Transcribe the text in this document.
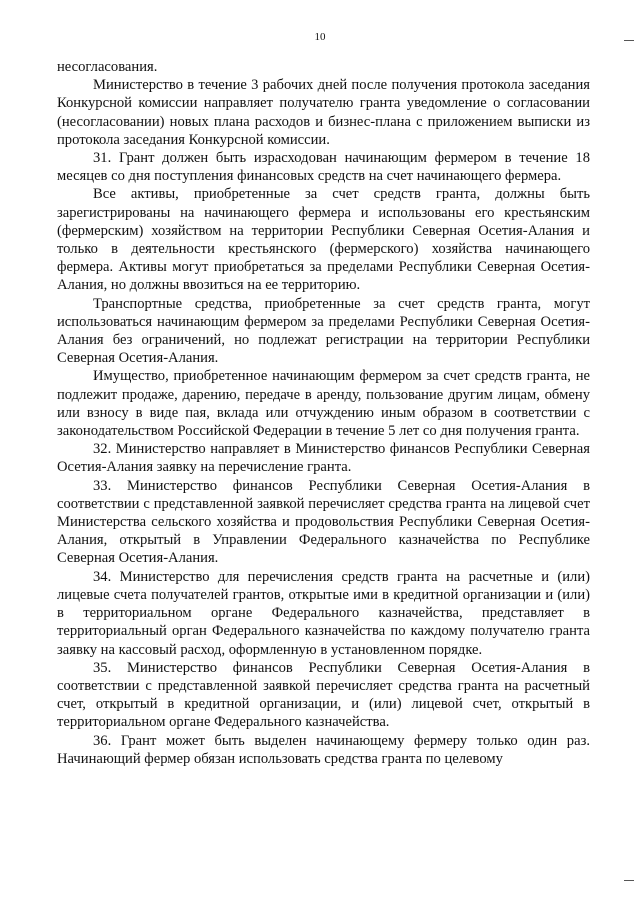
10

несогласования.

Министерство в течение 3 рабочих дней после получения протокола заседания Конкурсной комиссии направляет получателю гранта уведомление о согласовании (несогласовании) новых плана расходов и бизнес-плана с приложением выписки из протокола заседания Конкурсной комиссии.

31. Грант должен быть израсходован начинающим фермером в течение 18 месяцев со дня поступления финансовых средств на счет начинающего фермера.

Все активы, приобретенные за счет средств гранта, должны быть зарегистрированы на начинающего фермера и использованы его крестьянским (фермерским) хозяйством на территории Республики Северная Осетия-Алания и только в деятельности крестьянского (фермерского) хозяйства начинающего фермера. Активы могут приобретаться за пределами Республики Северная Осетия-Алания, но должны ввозиться на ее территорию.

Транспортные средства, приобретенные за счет средств гранта, могут использоваться начинающим фермером за пределами Республики Северная Осетия-Алания без ограничений, но подлежат регистрации на территории Республики Северная Осетия-Алания.

Имущество, приобретенное начинающим фермером за счет средств гранта, не подлежит продаже, дарению, передаче в аренду, пользование другим лицам, обмену или взносу в виде пая, вклада или отчуждению иным образом в соответствии с законодательством Российской Федерации в течение 5 лет со дня получения гранта.

32. Министерство направляет в Министерство финансов Республики Северная Осетия-Алания заявку на перечисление гранта.

33. Министерство финансов Республики Северная Осетия-Алания в соответствии с представленной заявкой перечисляет средства гранта на лицевой счет Министерства сельского хозяйства и продовольствия Республики Северная Осетия-Алания, открытый в Управлении Федерального казначейства по Республике Северная Осетия-Алания.

34. Министерство для перечисления средств гранта на расчетные и (или) лицевые счета получателей грантов, открытые ими в кредитной организации и (или) в территориальном органе Федерального казначейства, представляет в территориальный орган Федерального казначейства по каждому получателю гранта заявку на кассовый расход, оформленную в установленном порядке.

35. Министерство финансов Республики Северная Осетия-Алания в соответствии с представленной заявкой перечисляет средства гранта на расчетный счет, открытый в кредитной организации, и (или) лицевой счет, открытый в территориальном органе Федерального казначейства.

36. Грант может быть выделен начинающему фермеру только один раз. Начинающий фермер обязан использовать средства гранта по целевому
